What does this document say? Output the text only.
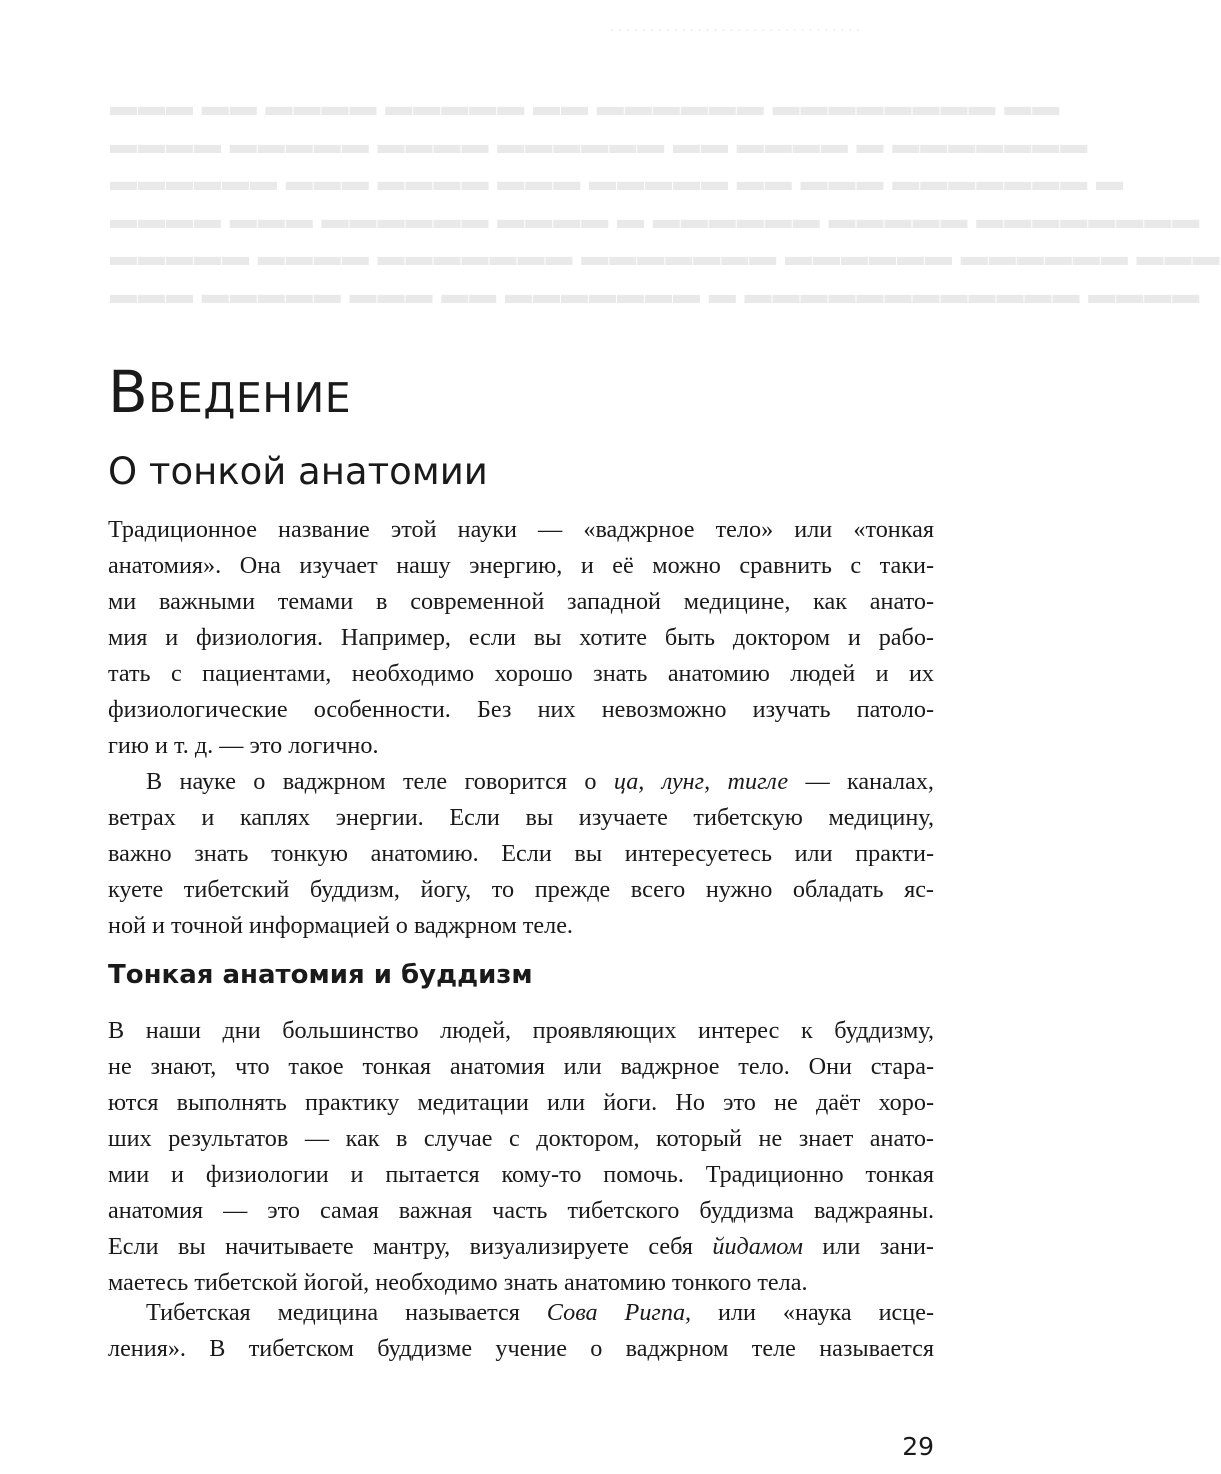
· · · · · · · · · · · · · · · · · · · · · · · · · · · · · · · ·
▬▬▬ ▬▬ ▬▬▬▬ ▬▬▬▬▬ ▬▬ ▬▬▬▬▬▬ ▬▬▬▬▬▬▬▬ ▬▬
▬▬▬▬ ▬▬▬▬▬ ▬▬▬▬ ▬▬▬▬▬▬ ▬▬ ▬▬▬▬ ▬ ▬▬▬▬▬▬▬
▬▬▬▬▬▬ ▬▬▬ ▬▬▬▬ ▬▬▬ ▬▬▬▬▬ ▬▬ ▬▬▬ ▬▬▬▬▬▬▬ ▬
▬▬▬▬ ▬▬▬ ▬▬▬▬▬▬ ▬▬▬▬ ▬ ▬▬▬▬▬▬ ▬▬▬▬▬ ▬▬▬▬▬▬▬▬
▬▬▬▬▬ ▬▬▬▬ ▬▬▬▬▬▬▬ ▬▬▬▬▬▬▬ ▬▬▬▬▬▬ ▬▬▬▬▬▬ ▬▬▬
▬▬▬ ▬▬▬▬▬ ▬▬▬ ▬▬ ▬▬▬▬▬▬▬ ▬ ▬▬▬▬▬▬▬▬▬▬▬▬ ▬▬▬▬
Введение
О тонкой анатомии
Традиционное название этой науки — «ваджрное тело» или «тонкая
анатомия». Она изучает нашу энергию, и её можно сравнить с таки-
ми важными темами в современной западной медицине, как анато-
мия и физиология. Например, если вы хотите быть доктором и рабо-
тать с пациентами, необходимо хорошо знать анатомию людей и их
физиологические особенности. Без них невозможно изучать патоло-
гию и т. д. — это логично.
В науке о ваджрном теле говорится о ца, лунг, тигле — каналах,
ветрах и каплях энергии. Если вы изучаете тибетскую медицину,
важно знать тонкую анатомию. Если вы интересуетесь или практи-
куете тибетский буддизм, йогу, то прежде всего нужно обладать яс-
ной и точной информацией о ваджрном теле.
Тонкая анатомия и буддизм
В наши дни большинство людей, проявляющих интерес к буддизму,
не знают, что такое тонкая анатомия или ваджрное тело. Они стара-
ются выполнять практику медитации или йоги. Но это не даёт хоро-
ших результатов — как в случае с доктором, который не знает анато-
мии и физиологии и пытается кому-то помочь. Традиционно тонкая
анатомия — это самая важная часть тибетского буддизма ваджраяны.
Если вы начитываете мантру, визуализируете себя йидамом или зани-
маетесь тибетской йогой, необходимо знать анатомию тонкого тела.
Тибетская медицина называется Сова Ригпа, или «наука исце-
ления». В тибетском буддизме учение о ваджрном теле называется
29
